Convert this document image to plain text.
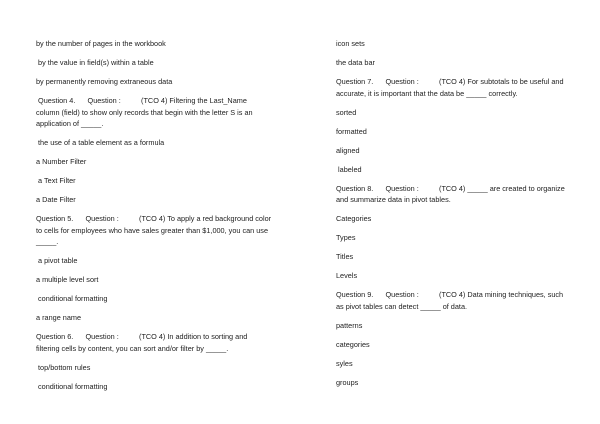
by the number of pages in the workbook
by the value in field(s) within a table
by permanently removing extraneous data
Question 4.      Question :          (TCO 4) Filtering the Last_Name column (field) to show only records that begin with the letter S is an application of _____.
the use of a table element as a formula
a Number Filter
a Text Filter
a Date Filter
Question 5.      Question :          (TCO 4) To apply a red background color to cells for employees who have sales greater than $1,000, you can use _____.
a pivot table
a multiple level sort
conditional formatting
a range name
Question 6.      Question :          (TCO 4) In addition to sorting and filtering cells by content, you can sort and/or filter by _____.
top/bottom rules
conditional formatting
icon sets
the data bar
Question 7.      Question :          (TCO 4) For subtotals to be useful and accurate, it is important that the data be _____ correctly.
sorted
formatted
aligned
labeled
Question 8.      Question :          (TCO 4) _____ are created to organize and summarize data in pivot tables.
Categories
Types
Titles
Levels
Question 9.      Question :          (TCO 4) Data mining techniques, such as pivot tables can detect _____ of data.
patterns
categories
syles
groups
